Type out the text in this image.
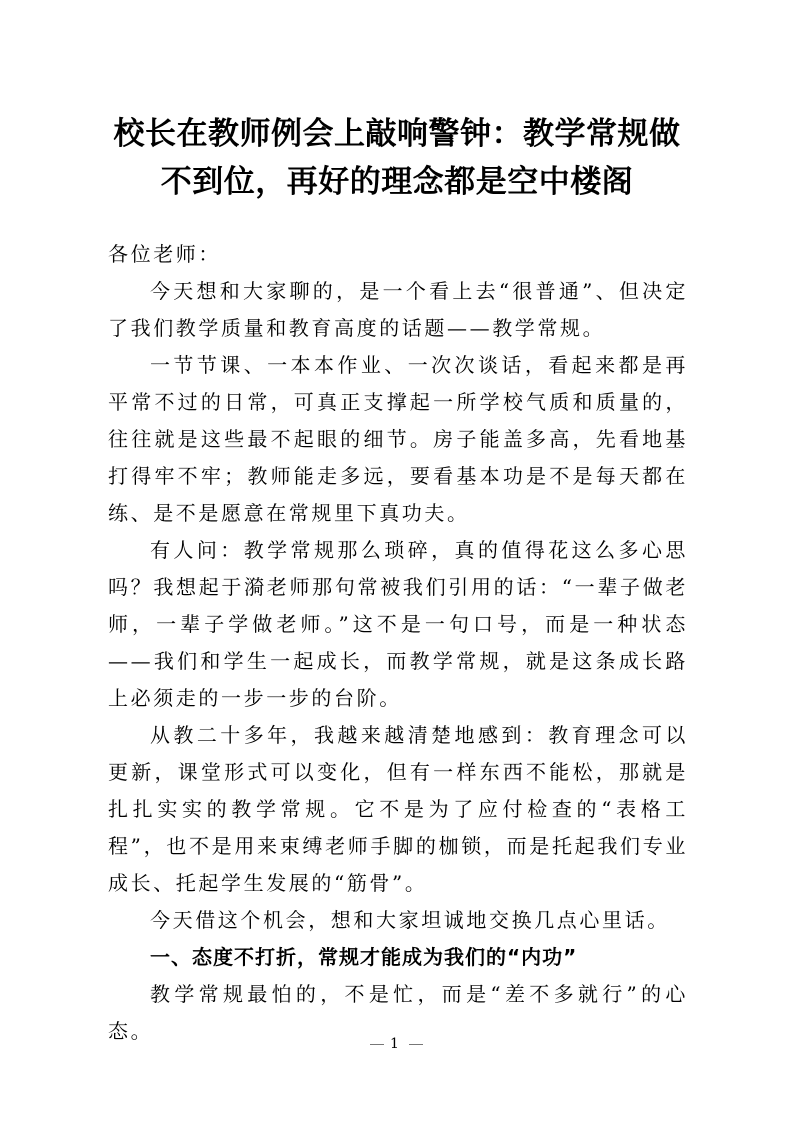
校长在教师例会上敲响警钟：教学常规做不到位，再好的理念都是空中楼阁

各位老师：

今天想和大家聊的，是一个看上去“很普通”、但决定了我们教学质量和教育高度的话题——教学常规。

一节节课、一本本作业、一次次谈话，看起来都是再平常不过的日常，可真正支撑起一所学校气质和质量的，往往就是这些最不起眼的细节。房子能盖多高，先看地基打得牢不牢；教师能走多远，要看基本功是不是每天都在练、是不是愿意在常规里下真功夫。

有人问：教学常规那么琐碎，真的值得花这么多心思吗？我想起于漪老师那句常被我们引用的话：“一辈子做老师，一辈子学做老师。”这不是一句口号，而是一种状态——我们和学生一起成长，而教学常规，就是这条成长路上必须走的一步一步的台阶。

从教二十多年，我越来越清楚地感到：教育理念可以更新，课堂形式可以变化，但有一样东西不能松，那就是扎扎实实的教学常规。它不是为了应付检查的“表格工程”，也不是用来束缚老师手脚的枷锁，而是托起我们专业成长、托起学生发展的“筋骨”。

今天借这个机会，想和大家坦诚地交换几点心里话。

一、态度不打折，常规才能成为我们的“内功”

教学常规最怕的，不是忙，而是“差不多就行”的心态。

1
